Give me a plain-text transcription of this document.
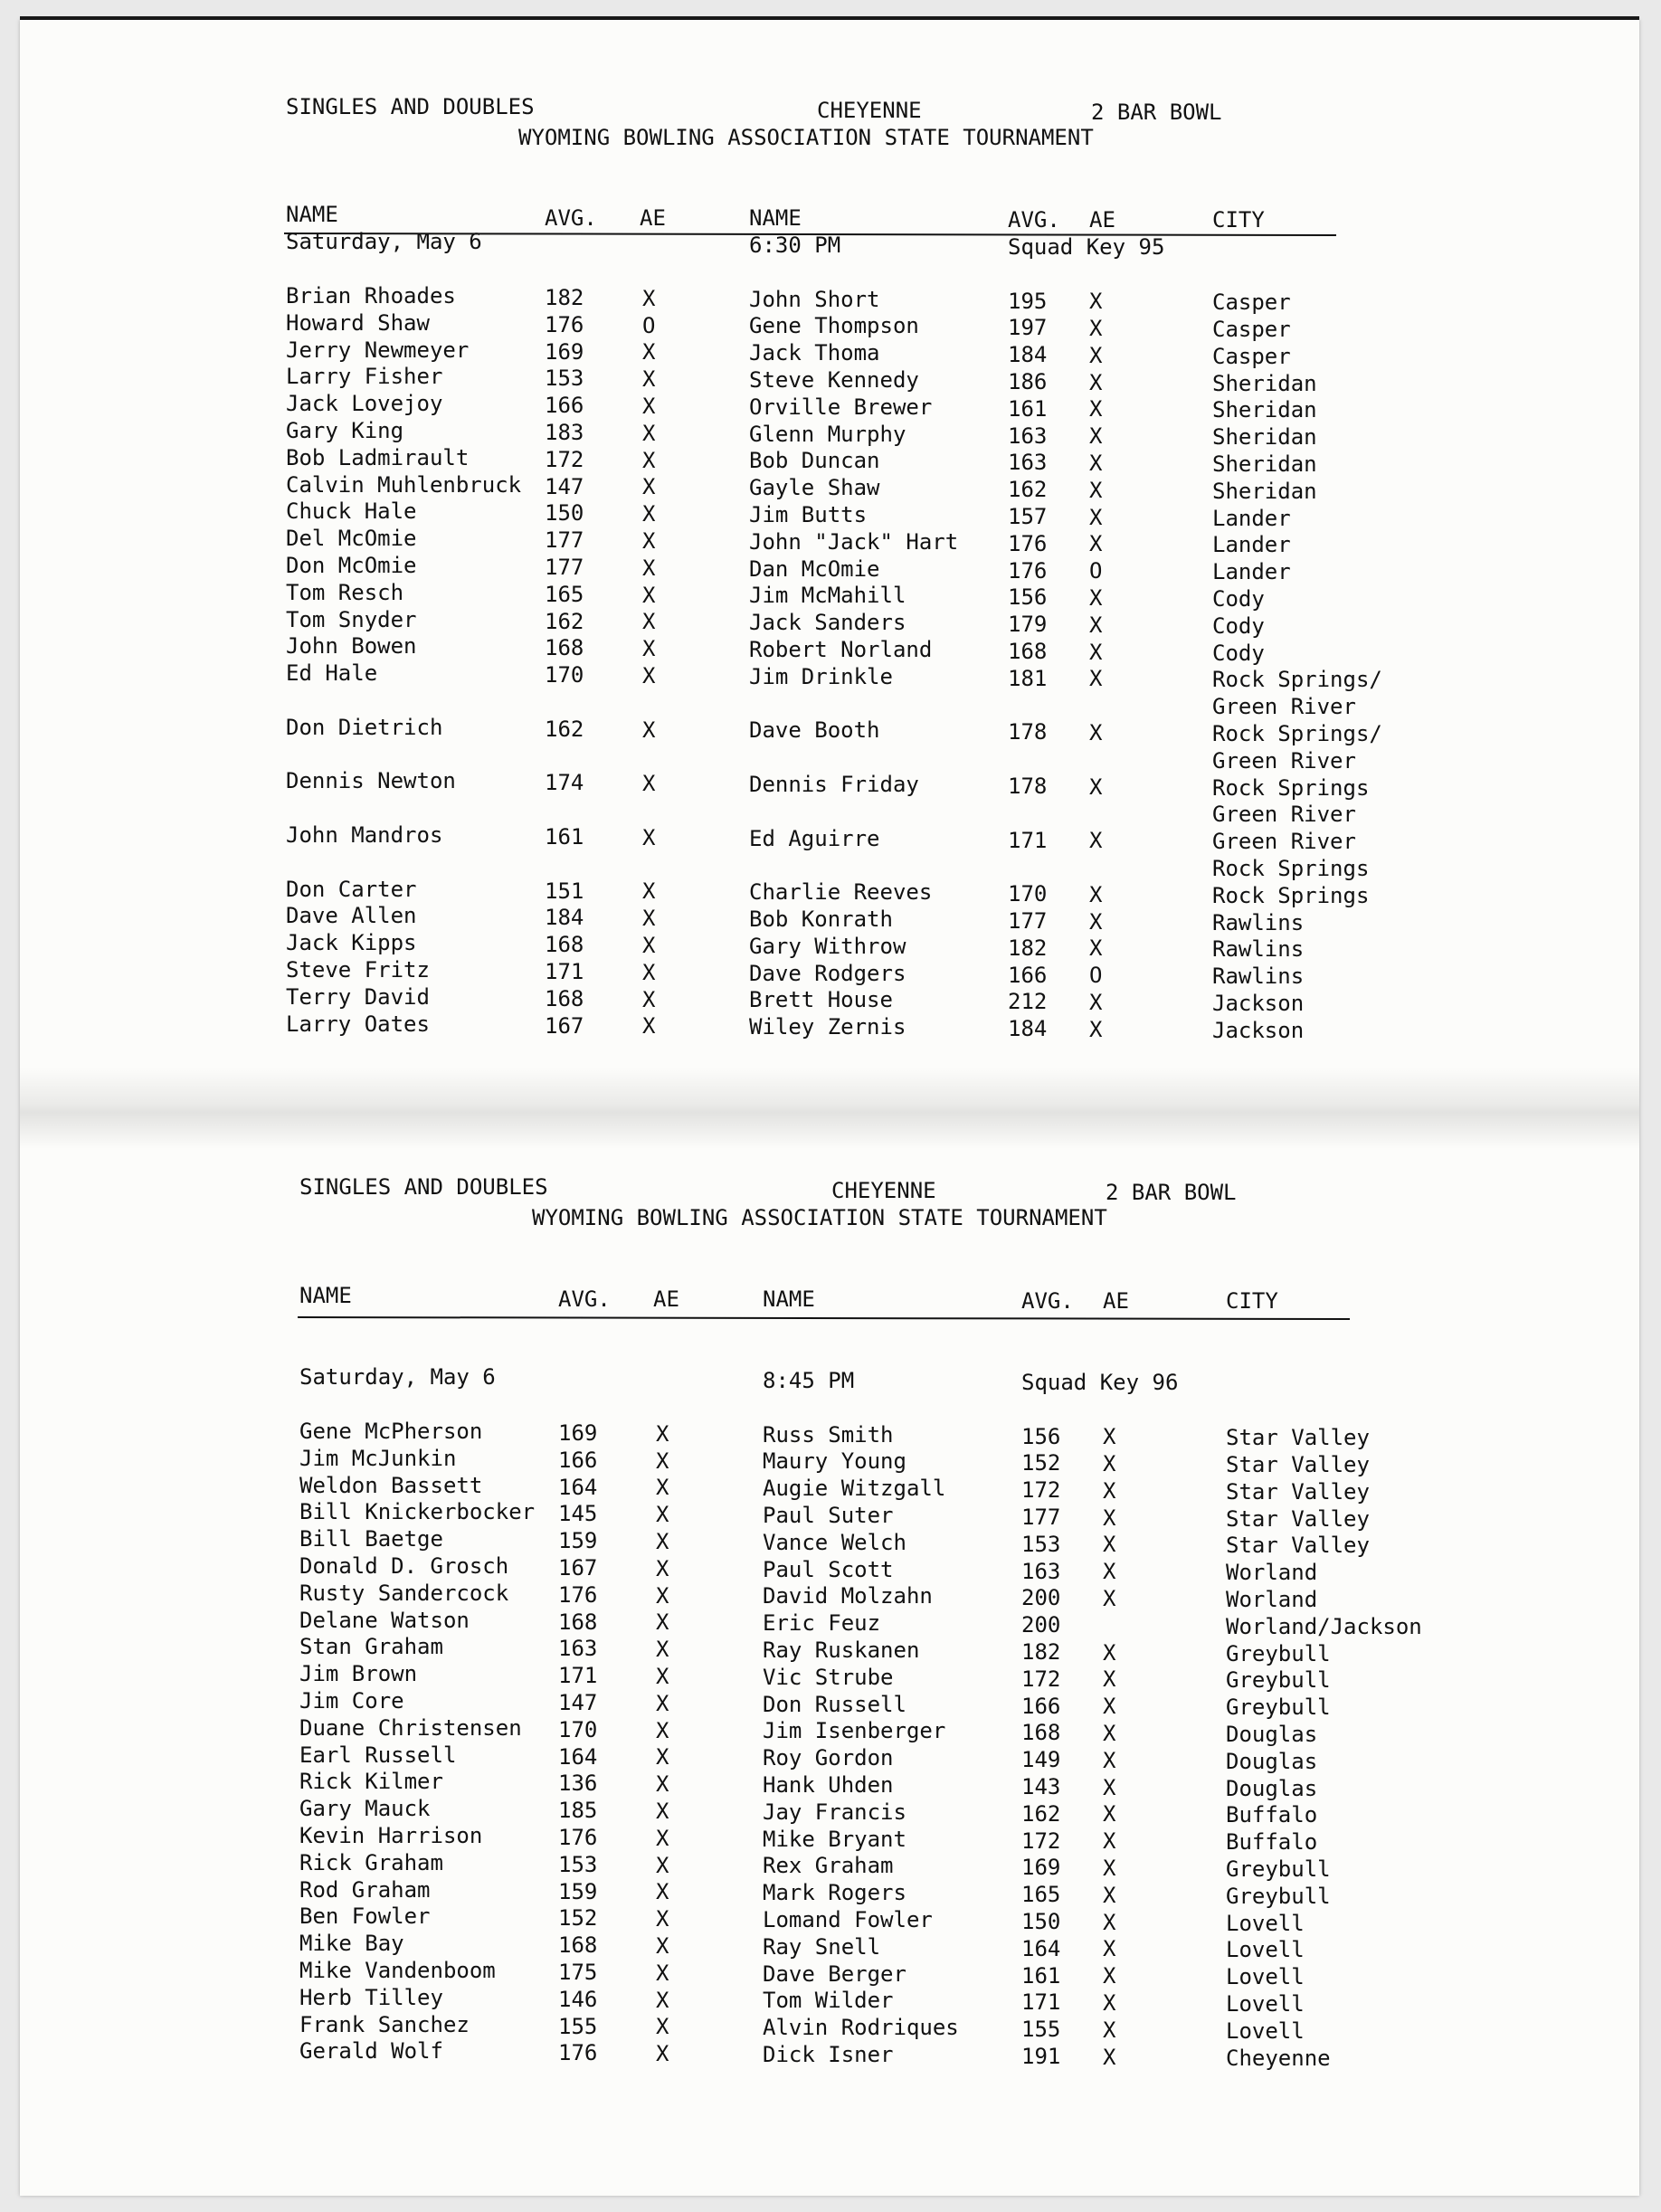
SINGLES AND DOUBLES	CHEYENNE	2 BAR BOWL
WYOMING BOWLING ASSOCIATION STATE TOURNAMENT
NAME	AVG. AE	NAME	AVG. AE	CITY
Saturday, May 6	6:30 PM	Squad Key 95
Brian Rhoades	182	X	John Short	195 X	Casper
Howard Shaw	176	O	Gene Thompson	197 X	Casper
Jerry Newmeyer	169	X	Jack Thoma	184 X	Casper
Larry Fisher	153	X	Steve Kennedy	186 X	Sheridan
Jack Lovejoy	166	X	Orville Brewer	161 X	Sheridan
Gary King	183	X	Glenn Murphy	163 X	Sheridan
Bob Ladmirault	172	X	Bob Duncan	163 X	Sheridan
Calvin Muhlenbruck 147	X	Gayle Shaw	162 X	Sheridan
Chuck Hale	150	X	Jim Butts	157 X	Lander
Del McOmie	177	X	John "Jack" Hart 176 X	Lander
Don McOmie	177	X	Dan McOmie	176 O	Lander
Tom Resch	165	X	Jim McMahill	156 X	Cody
Tom Snyder	162	X	Jack Sanders	179 X	Cody
John Bowen	168	X	Robert Norland	168 X	Cody
Ed Hale	170	X	Jim Drinkle	181 X	Rock Springs/
Green River
Don Dietrich	162	X	Dave Booth	178 X	Rock Springs/
Green River
Dennis Newton	174	X	Dennis Friday	178 X	Rock Springs
Green River
John Mandros	161	X	Ed Aguirre	171 X	Green River
Rock Springs
Don Carter	151	X	Charlie Reeves	170 X	Rock Springs
Dave Allen	184	X	Bob Konrath	177 X	Rawlins
Jack Kipps	168	X	Gary Withrow	182 X	Rawlins
Steve Fritz	171	X	Dave Rodgers	166 O	Rawlins
Terry David	168	X	Brett House	212 X	Jackson
Larry Oates	167	X	Wiley Zernis	184 X	Jackson
SINGLES AND DOUBLES	CHEYENNE	2 BAR BOWL
WYOMING BOWLING ASSOCIATION STATE TOURNAMENT
NAME	AVG. AE	NAME	AVG. AE	CITY
Saturday, May 6	8:45 PM	Squad Key 96
Gene McPherson	169	X	Russ Smith	156 X	Star Valley
Jim McJunkin	166	X	Maury Young	152 X	Star Valley
Weldon Bassett	164	X	Augie Witzgall	172 X	Star Valley
Bill Knickerbocker 145	X	Paul Suter	177 X	Star Valley
Bill Baetge	159	X	Vance Welch	153 X	Star Valley
Donald D. Grosch 167	X	Paul Scott	163 X	Worland
Rusty Sandercock 176	X	David Molzahn	200 X	Worland
Delane Watson	168	X	Eric Feuz	200	Worland/Jackson
Stan Graham	163	X	Ray Ruskanen	182 X	Greybull
Jim Brown	171	X	Vic Strube	172 X	Greybull
Jim Core	147	X	Don Russell	166 X	Greybull
Duane Christensen 170	X	Jim Isenberger	168 X	Douglas
Earl Russell	164	X	Roy Gordon	149 X	Douglas
Rick Kilmer	136	X	Hank Uhden	143 X	Douglas
Gary Mauck	185	X	Jay Francis	162 X	Buffalo
Kevin Harrison	176	X	Mike Bryant	172 X	Buffalo
Rick Graham	153	X	Rex Graham	169 X	Greybull
Rod Graham	159	X	Mark Rogers	165 X	Greybull
Ben Fowler	152	X	Lomand Fowler	150 X	Lovell
Mike Bay	168	X	Ray Snell	164 X	Lovell
Mike Vandenboom	175	X	Dave Berger	161 X	Lovell
Herb Tilley	146	X	Tom Wilder	171 X	Lovell
Frank Sanchez	155	X	Alvin Rodriques	155 X	Lovell
Gerald Wolf	176	X	Dick Isner	191 X	Cheyenne
